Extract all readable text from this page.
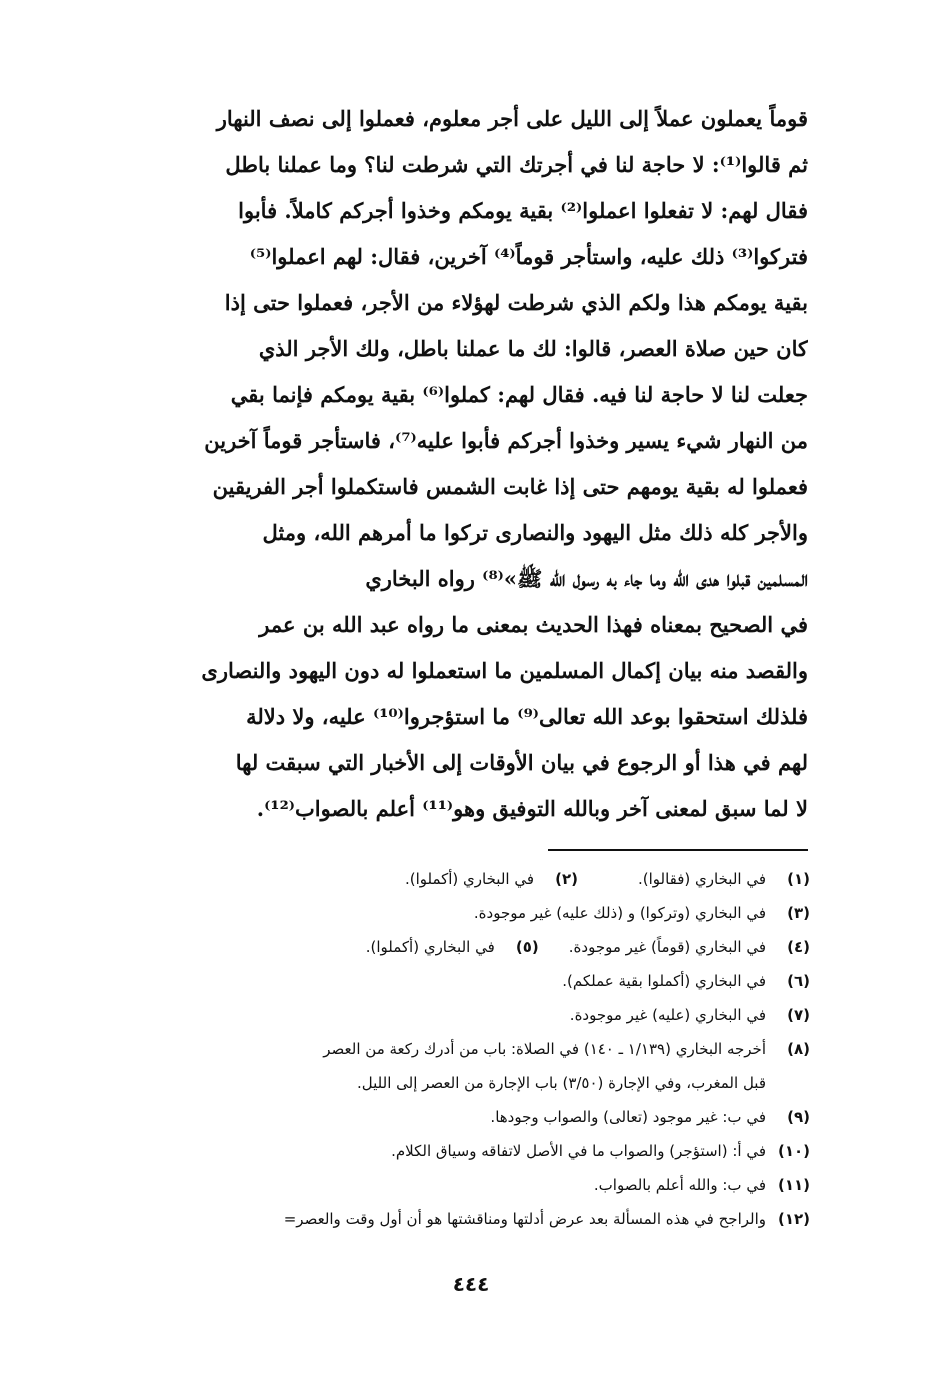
قوماً يعملون عملاً إلى الليل على أجر معلوم، فعملوا إلى نصف النهار
ثم قالوا⁽¹⁾: لا حاجة لنا في أجرتك التي شرطت لنا؟ وما عملنا باطل
فقال لهم: لا تفعلوا اعملوا⁽²⁾ بقية يومكم وخذوا أجركم كاملاً. فأبوا
فتركوا⁽³⁾ ذلك عليه، واستأجر قوماً⁽⁴⁾ آخرين، فقال: لهم اعملوا⁽⁵⁾
بقية يومكم هذا ولكم الذي شرطت لهؤلاء من الأجر، فعملوا حتى إذا
كان حين صلاة العصر، قالوا: لك ما عملنا باطل، ولك الأجر الذي
جعلت لنا لا حاجة لنا فيه. فقال لهم: كملوا⁽⁶⁾ بقية يومكم فإنما بقي
من النهار شيء يسير وخذوا أجركم فأبوا عليه⁽⁷⁾، فاستأجر قوماً آخرين
فعملوا له بقية يومهم حتى إذا غابت الشمس فاستكملوا أجر الفريقين
والأجر كله ذلك مثل اليهود والنصارى تركوا ما أمرهم الله، ومثل
المسلمين قبلوا هدى الله وما جاء به رسول الله ﷺ»⁽⁸⁾ رواه البخاري
في الصحيح بمعناه فهذا الحديث بمعنى ما رواه عبد الله بن عمر
والقصد منه بيان إكمال المسلمين ما استعملوا له دون اليهود والنصارى
فلذلك استحقوا بوعد الله تعالى⁽⁹⁾ ما استؤجروا⁽¹⁰⁾ عليه، ولا دلالة
لهم في هذا أو الرجوع في بيان الأوقات إلى الأخبار التي سبقت لها
لا لما سبق لمعنى آخر وبالله التوفيق وهو⁽¹¹⁾ أعلم بالصواب⁽¹²⁾.
(١)
في البخاري (فقالوا).
(٢)
في البخاري (أكملوا).
(٣)
في البخاري (وتركوا) و (ذلك عليه) غير موجودة.
(٤)
في البخاري (قوماً) غير موجودة.
(٥)
في البخاري (أكملوا).
(٦)
في البخاري (أكملوا بقية عملكم).
(٧)
في البخاري (عليه) غير موجودة.
(٨)
أخرجه البخاري (١/١٣٩ ـ ١٤٠) في الصلاة: باب من أدرك ركعة من العصر
قبل المغرب، وفي الإجارة (٣/٥٠) باب الإجارة من العصر إلى الليل.
(٩)
في ب: غير موجود (تعالى) والصواب وجودها.
(١٠)
في أ: (استؤجر) والصواب ما في الأصل لاتفاقه وسياق الكلام.
(١١)
في ب: والله أعلم بالصواب.
(١٢)
والراجح في هذه المسألة بعد عرض أدلتها ومناقشتها هو أن أول وقت والعصر=
٤٤٤
